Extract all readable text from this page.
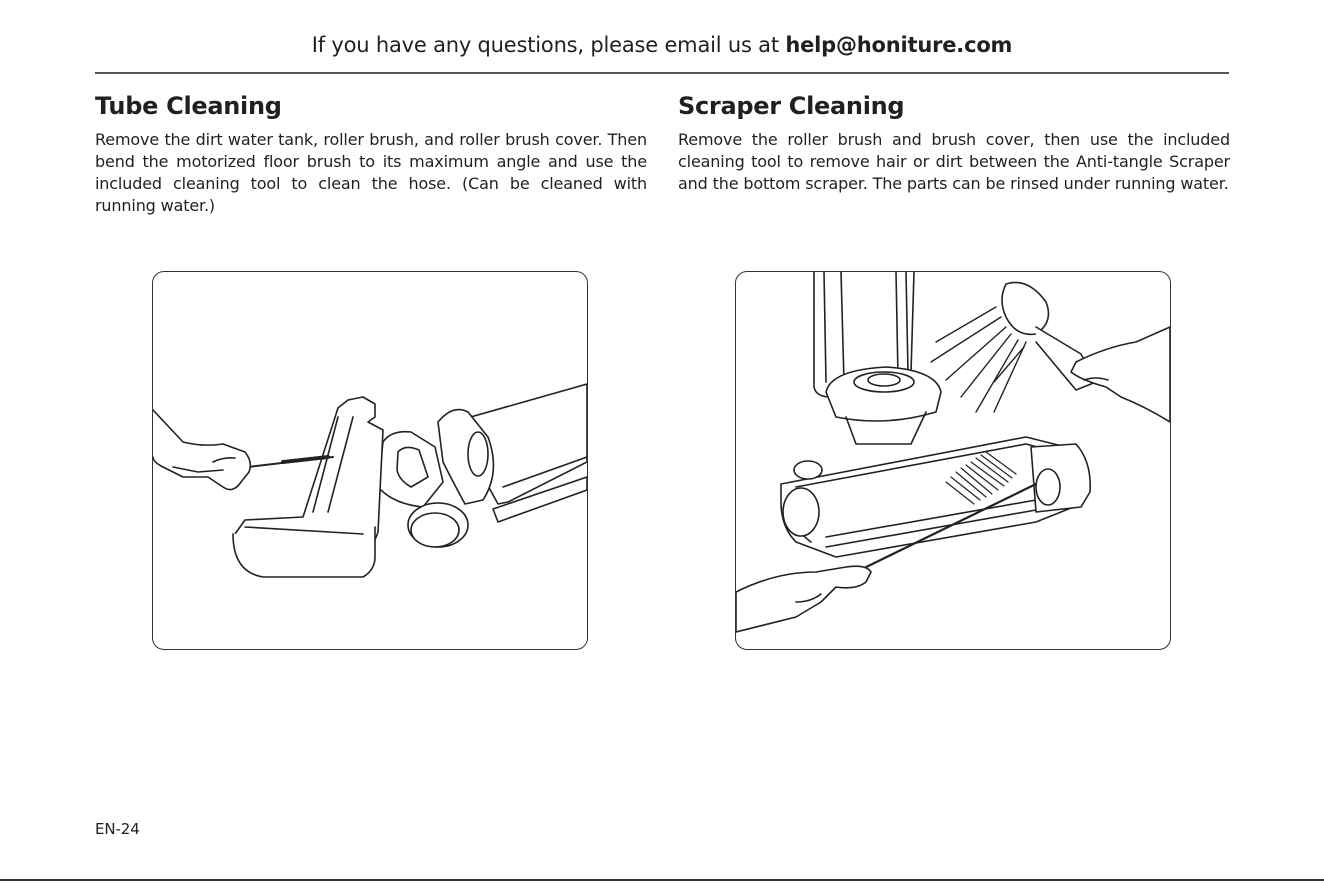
If you have any questions, please email us at help@honiture.com
Tube Cleaning

Remove the dirt water tank, roller brush, and roller brush cover. Then bend the motorized floor brush to its maximum angle and use the included cleaning tool to clean the hose. (Can be cleaned with running water.)

Scraper Cleaning

Remove the roller brush and brush cover, then use the included cleaning tool to remove hair or dirt between the Anti-tangle Scraper and the bottom scraper. The parts can be rinsed under running water.

EN-24
